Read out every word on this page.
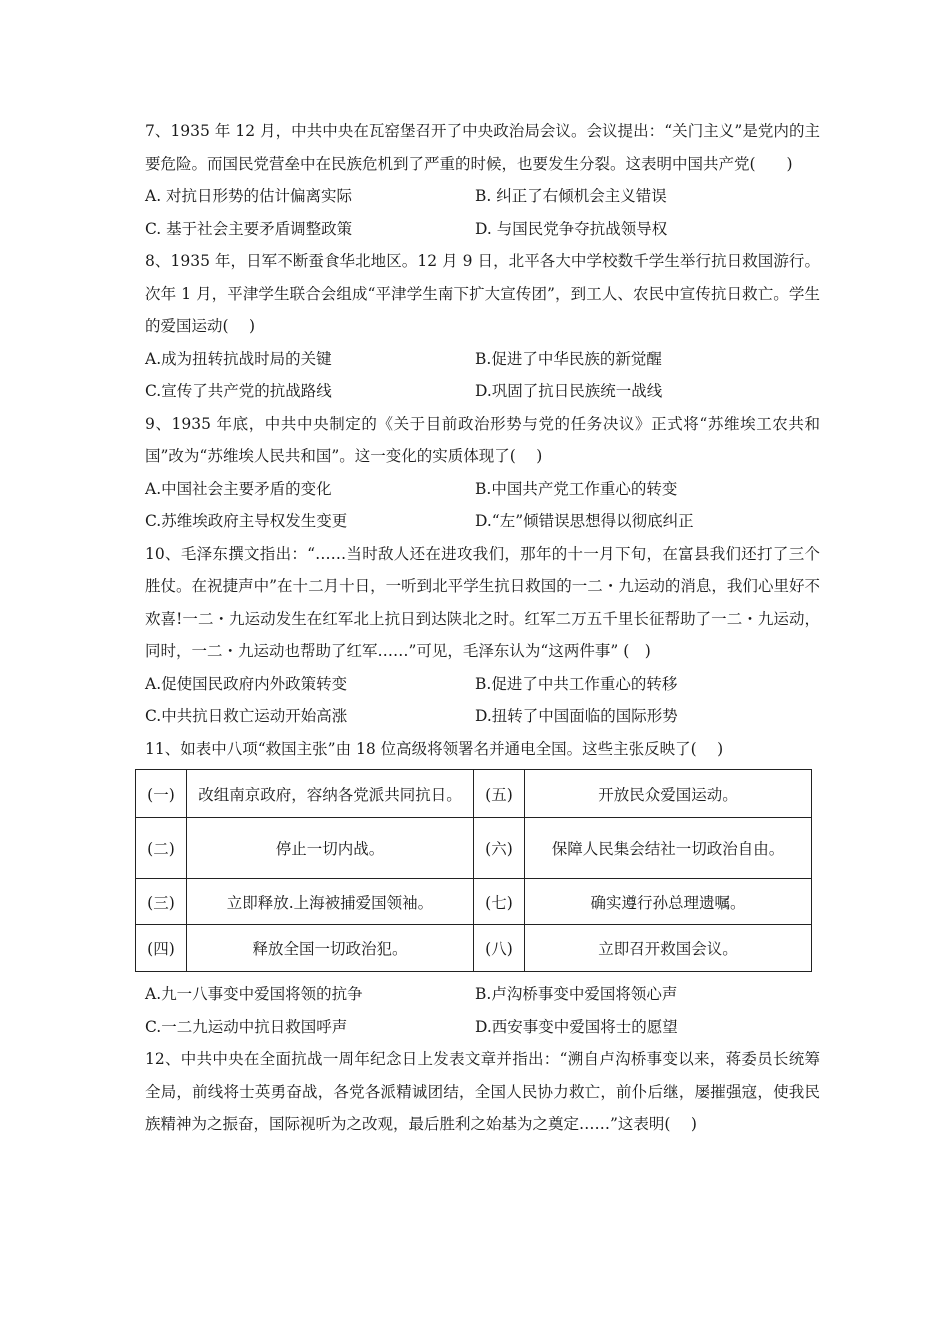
7、1935 年 12 月，中共中央在瓦窑堡召开了中央政治局会议。会议提出：“关门主义”是党内的主要危险。而国民党营垒中在民族危机到了严重的时候，也要发生分裂。这表明中国共产党(　　)

A. 对抗日形势的估计偏离实际	B. 纠正了右倾机会主义错误
C. 基于社会主要矛盾调整政策	D. 与国民党争夺抗战领导权

8、1935 年，日军不断蚕食华北地区。12 月 9 日，北平各大中学校数千学生举行抗日救国游行。次年 1 月，平津学生联合会组成“平津学生南下扩大宣传团”，到工人、农民中宣传抗日救亡。学生的爱国运动(　 )

A.成为扭转抗战时局的关键	B.促进了中华民族的新觉醒
C.宣传了共产党的抗战路线	D.巩固了抗日民族统一战线

9、1935 年底，中共中央制定的《关于目前政治形势与党的任务决议》正式将“苏维埃工农共和国”改为“苏维埃人民共和国”。这一变化的实质体现了(　 )

A.中国社会主要矛盾的变化	B.中国共产党工作重心的转变
C.苏维埃政府主导权发生变更	D.“左”倾错误思想得以彻底纠正

10、毛泽东撰文指出：“……当时敌人还在进攻我们，那年的十一月下旬，在富县我们还打了三个胜仗。在祝捷声中”在十二月十日，一听到北平学生抗日救国的一二・九运动的消息，我们心里好不欢喜!一二・九运动发生在红军北上抗日到达陕北之时。红军二万五千里长征帮助了一二・九运动，同时，一二・九运动也帮助了红军……”可见，毛泽东认为“这两件事” (　)

A.促使国民政府内外政策转变	B.促进了中共工作重心的转移
C.中共抗日救亡运动开始高涨	D.扭转了中国面临的国际形势

11、如表中八项“救国主张”由 18 位高级将领署名并通电全国。这些主张反映了(　 )

(一)	改组南京政府，容纳各党派共同抗日。	(五)	开放民众爱国运动。
(二)	停止一切内战。	(六)	保障人民集会结社一切政治自由。
(三)	立即释放.上海被捕爱国领袖。	(七)	确实遵行孙总理遗嘱。
(四)	释放全国一切政治犯。	(八)	立即召开救国会议。
A.九一八事变中爱国将领的抗争	B.卢沟桥事变中爱国将领心声
C.一二九运动中抗日救国呼声	D.西安事变中爱国将士的愿望

12、中共中央在全面抗战一周年纪念日上发表文章并指出：“溯自卢沟桥事变以来，蒋委员长统筹全局，前线将士英勇奋战，各党各派精诚团结，全国人民协力救亡，前仆后继，屡摧强寇，使我民族精神为之振奋，国际视听为之改观，最后胜利之始基为之奠定……”这表明(　 )
